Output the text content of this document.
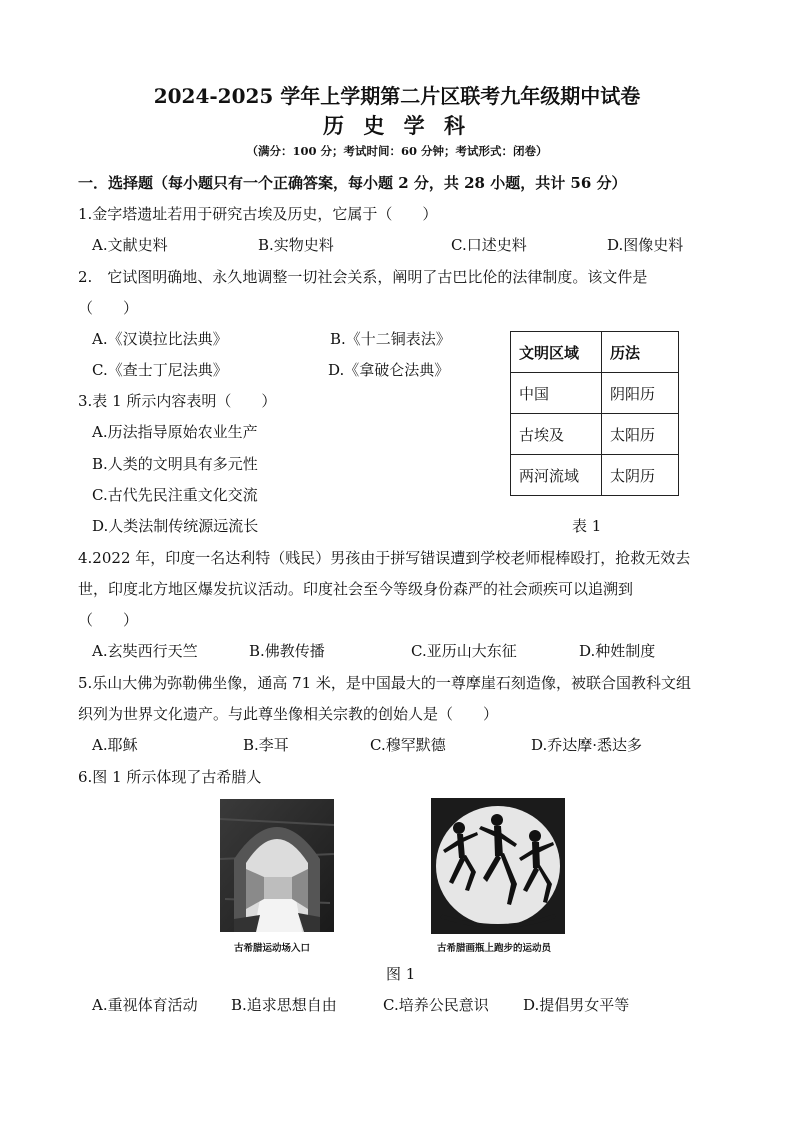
2024-2025 学年上学期第二片区联考九年级期中试卷
历 史 学 科
（满分：100 分；考试时间：60 分钟；考试形式：闭卷）
一．选择题（每小题只有一个正确答案，每小题 2 分，共 28 小题，共计 56 分）
1.金字塔遗址若用于研究古埃及历史，它属于（　　）
A.文献史料	B.实物史料	C.口述史料	D.图像史料
2.　它试图明确地、永久地调整一切社会关系，阐明了古巴比伦的法律制度。该文件是
（　　）
A.《汉谟拉比法典》	B.《十二铜表法》
C.《查士丁尼法典》	D.《拿破仑法典》
3.表 1 所示内容表明（　　）
A.历法指导原始农业生产
B.人类的文明具有多元性
C.古代先民注重文化交流
D.人类法制传统源远流长
文明区域	历法
中国	阴阳历
古埃及	太阳历
两河流域	太阴历
表 1
4.2022 年，印度一名达利特（贱民）男孩由于拼写错误遭到学校老师棍棒殴打，抢救无效去
世，印度北方地区爆发抗议活动。印度社会至今等级身份森严的社会顽疾可以追溯到
（　　）
A.玄奘西行天竺	B.佛教传播	C.亚历山大东征	D.种姓制度
5.乐山大佛为弥勒佛坐像，通高 71 米，是中国最大的一尊摩崖石刻造像，被联合国教科文组
织列为世界文化遗产。与此尊坐像相关宗教的创始人是（　　）
A.耶稣	B.李耳	C.穆罕默德	D.乔达摩·悉达多
6.图 1 所示体现了古希腊人
古希腊运动场入口	古希腊画瓶上跑步的运动员
图 1
A.重视体育活动 B.追求思想自由	C.培养公民意识 D.提倡男女平等
